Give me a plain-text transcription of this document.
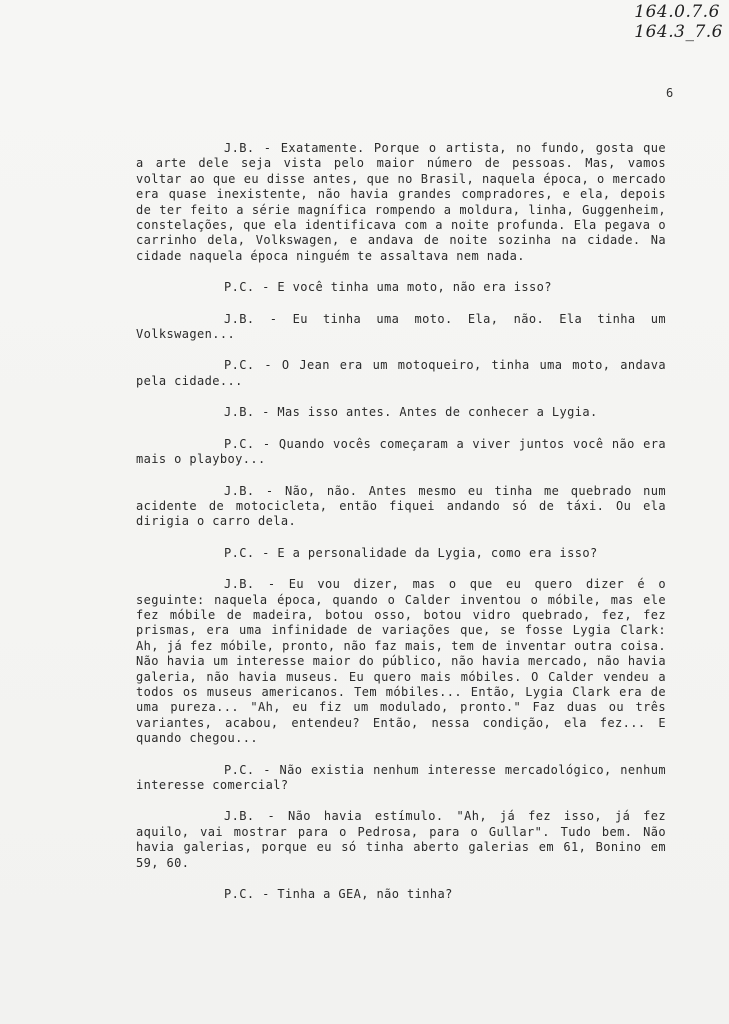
164.0.7.6
164.3_7.6
6

J.B. - Exatamente. Porque o artista, no fundo, gosta que a arte dele seja vista pelo maior número de pessoas. Mas, vamos voltar ao que eu disse antes, que no Brasil, naquela época, o mercado era quase inexistente, não havia grandes compradores, e ela, depois de ter feito a série magnífica rompendo a moldura, linha, Guggenheim, constelações, que ela identificava com a noite profunda. Ela pegava o carrinho dela, Volkswagen, e andava de noite sozinha na cidade. Na cidade naquela época ninguém te assaltava nem nada.

P.C. - E você tinha uma moto, não era isso?

J.B. - Eu tinha uma moto. Ela, não. Ela tinha um Volkswagen...

P.C. - O Jean era um motoqueiro, tinha uma moto, andava pela cidade...

J.B. - Mas isso antes. Antes de conhecer a Lygia.

P.C. - Quando vocês começaram a viver juntos você não era mais o playboy...

J.B. - Não, não. Antes mesmo eu tinha me quebrado num acidente de motocicleta, então fiquei andando só de táxi. Ou ela dirigia o carro dela.

P.C. - E a personalidade da Lygia, como era isso?

J.B. - Eu vou dizer, mas o que eu quero dizer é o seguinte: naquela época, quando o Calder inventou o móbile, mas ele fez móbile de madeira, botou osso, botou vidro quebrado, fez, fez prismas, era uma infinidade de variações que, se fosse Lygia Clark: Ah, já fez móbile, pronto, não faz mais, tem de inventar outra coisa. Não havia um interesse maior do público, não havia mercado, não havia galeria, não havia museus. Eu quero mais móbiles. O Calder vendeu a todos os museus americanos. Tem móbiles... Então, Lygia Clark era de uma pureza... "Ah, eu fiz um modulado, pronto." Faz duas ou três variantes, acabou, entendeu? Então, nessa condição, ela fez... E quando chegou...

P.C. - Não existia nenhum interesse mercadológico, nenhum interesse comercial?

J.B. - Não havia estímulo. "Ah, já fez isso, já fez aquilo, vai mostrar para o Pedrosa, para o Gullar". Tudo bem. Não havia galerias, porque eu só tinha aberto galerias em 61, Bonino em 59, 60.

P.C. - Tinha a GEA, não tinha?
